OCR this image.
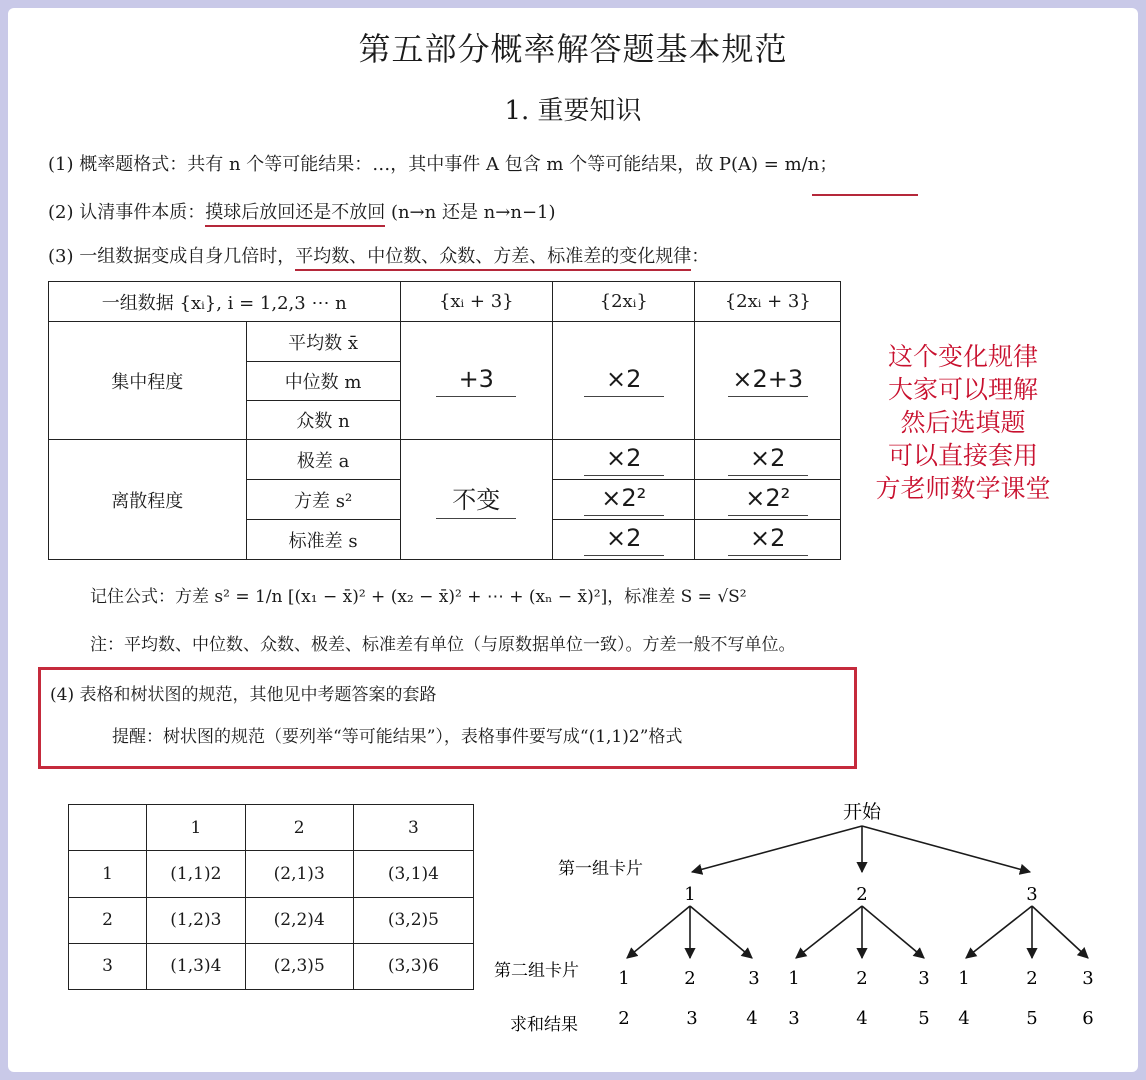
第五部分概率解答题基本规范
1. 重要知识
(1) 概率题格式：共有 n 个等可能结果：…，其中事件 A 包含 m 个等可能结果，故 P(A) = m/n；
(2) 认清事件本质：摸球后放回还是不放回 (n→n 还是 n→n−1)
(3) 一组数据变成自身几倍时，平均数、中位数、众数、方差、标准差的变化规律：
一组数据 {xᵢ}, i = 1,2,3 ⋯ n		{xᵢ + 3}	{2xᵢ}	{2xᵢ + 3}
集中程度	平均数 x̄	+3	×2	×2+3
	中位数 m			
	众数 n			
离散程度	极差 a	不变	×2	×2
	方差 s²		×2²	×2²
	标准差 s		×2	×2
这个变化规律
大家可以理解
然后选填题
可以直接套用
方老师数学课堂
记住公式：方差 s² = 1/n [(x₁ − x̄)² + (x₂ − x̄)² + ⋯ + (xₙ − x̄)²]，标准差 S = √S²
注：平均数、中位数、众数、极差、标准差有单位（与原数据单位一致）。方差一般不写单位。
(4) 表格和树状图的规范，其他见中考题答案的套路
提醒：树状图的规范（要列举“等可能结果”），表格事件要写成“(1,1)2”格式
	1	2	3
1	(1,1)2	(2,1)3	(3,1)4
2	(1,2)3	(2,2)4	(3,2)5
3	(1,3)4	(2,3)5	(3,3)6
开始
第一组卡片
1	2	3
第二组卡片 1	2	3 1	2	3 1	2 3
求和结果 2	3	4 3	4	5 4	5 6
